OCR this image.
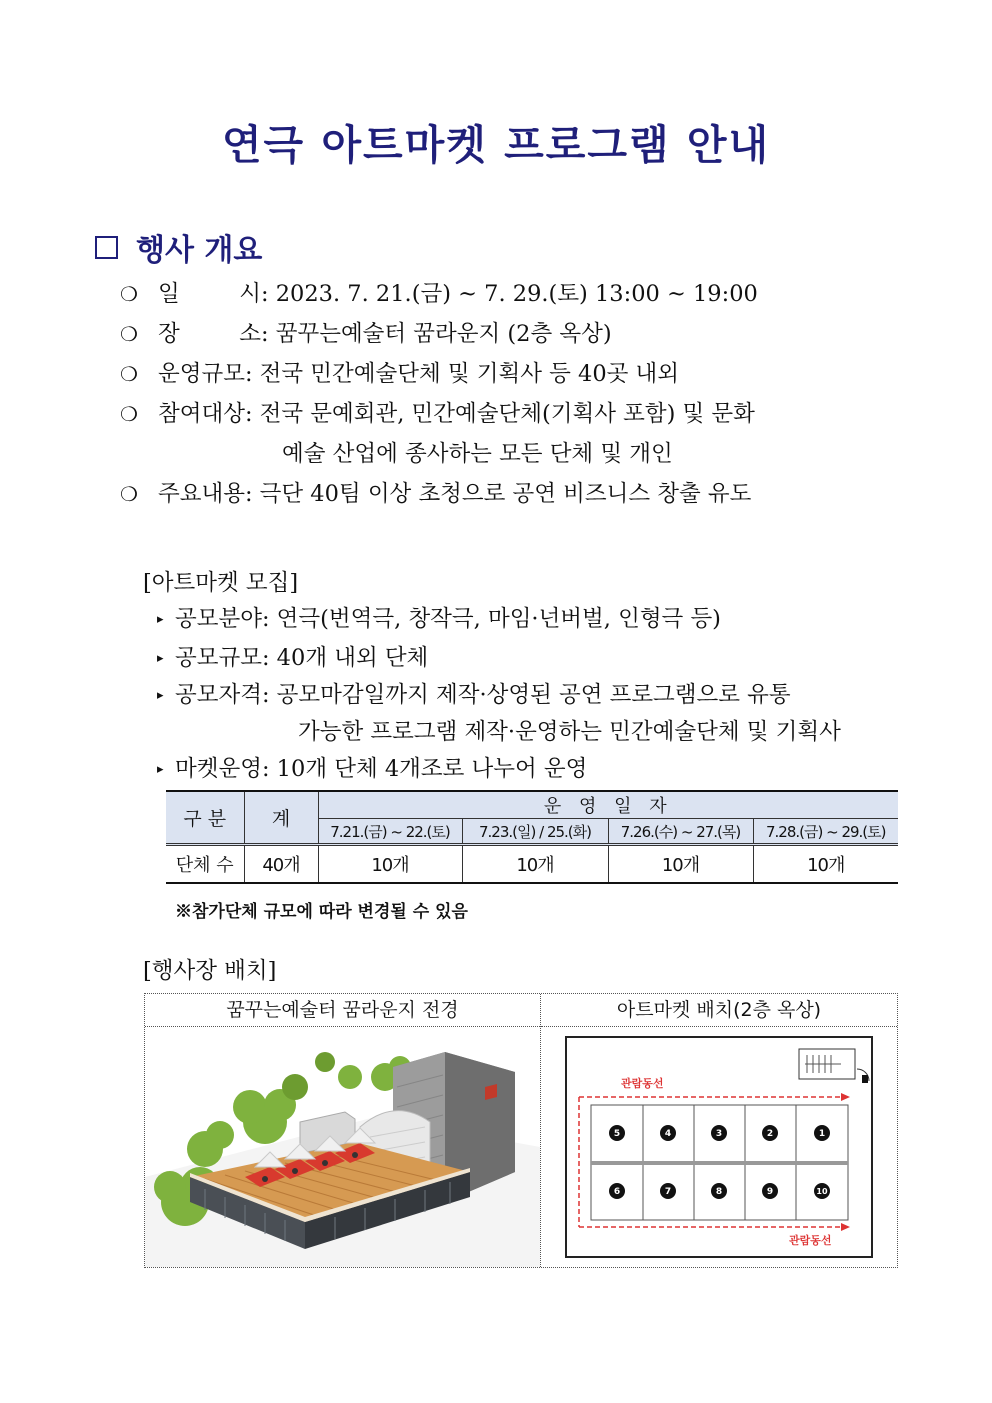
연극 아트마켓 프로그램 안내
행사 개요
❍ 일	시 : 2023. 7. 21.(금) ~ 7. 29.(토) 13:00 ~ 19:00
❍ 장	소 : 꿈꾸는예술터 꿈라운지 (2층 옥상)
❍ 운영규모 : 전국 민간예술단체 및 기획사 등 40곳 내외
❍ 참여대상 : 전국 문예회관, 민간예술단체(기획사 포함) 및 문화
예술 산업에 종사하는 모든 단체 및 개인
❍ 주요내용 : 극단 40팀 이상 초청으로 공연 비즈니스 창출 유도
[아트마켓 모집]
▸ 공모분야 : 연극(번역극, 창작극, 마임·넌버벌, 인형극 등)
▸ 공모규모 : 40개 내외 단체
▸ 공모자격 : 공모마감일까지 제작·상영된 공연 프로그램으로 유통
가능한 프로그램 제작·운영하는 민간예술단체 및 기획사
▸ 마켓운영 : 10개 단체 4개조로 나누어 운영
구 분	계	운 영 일 자			
		7.21.(금) ~ 22.(토)	7.23.(일) / 25.(화)	7.26.(수) ~ 27.(목)	7.28.(금) ~ 29.(토)
단체 수	40개	10개	10개	10개	10개
※참가단체 규모에 따라 변경될 수 있음
[행사장 배치]
꿈꾸는예술터 꿈라운지 전경	아트마켓 배치(2층 옥상)
관람동선
관람동선
5	4	3	2	1
6	7	8	9	10
